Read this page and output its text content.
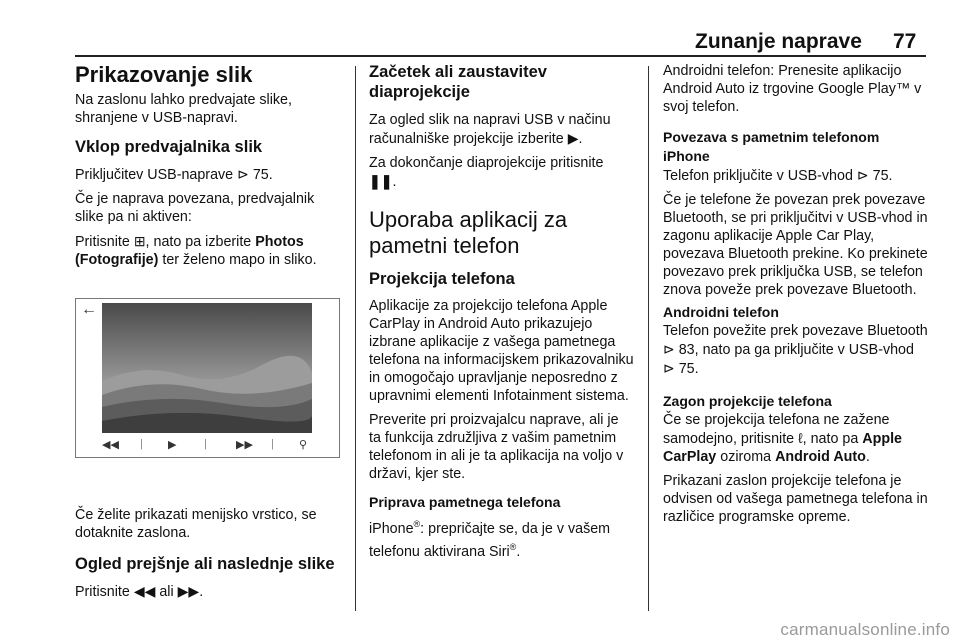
Zunanje naprave 77
Prikazovanje slik

Na zaslonu lahko predvajate slike, shranjene v USB-napravi.

Vklop predvajalnika slik

Priključitev USB-naprave ⊳ 75.

Če je naprava povezana, predvajalnik slike pa ni aktiven:

Pritisnite ⊞, nato pa izberite Photos (Fotografije) ter želeno mapo in sliko.

←
◀◀ | ▶	|	▶▶ | ⚲

Če želite prikazati menijsko vrstico, se dotaknite zaslona.

Ogled prejšnje ali naslednje slike

Pritisnite ◀◀ ali ▶▶.

Začetek ali zaustavitev diaprojekcije

Za ogled slik na napravi USB v načinu računalniške projekcije izberite ▶.

Za dokončanje diaprojekcije pritisnite ❚❚.

Uporaba aplikacij za pametni telefon
Projekcija telefona

Aplikacije za projekcijo telefona Apple CarPlay in Android Auto prikazujejo izbrane aplikacije z vašega pametnega telefona na informacijskem prikazovalniku in omogočajo upravljanje neposredno z upravnimi elementi Infotainment sistema.

Preverite pri proizvajalcu naprave, ali je ta funkcija združljiva z vašim pametnim telefonom in ali je ta aplikacija na voljo v državi, kjer ste.

Priprava pametnega telefona

iPhone®: prepričajte se, da je v vašem telefonu aktivirana Siri®.

Androidni telefon: Prenesite aplikacijo Android Auto iz trgovine Google Play™ v svoj telefon.

Povezava s pametnim telefonom
iPhone

Telefon priključite v USB-vhod ⊳ 75.

Če je telefone že povezan prek povezave Bluetooth, se pri priključitvi v USB-vhod in zagonu aplikacije Apple Car Play, povezava Bluetooth prekine. Ko prekinete povezavo prek priključka USB, se telefon znova poveže prek povezave Bluetooth.

Androidni telefon

Telefon povežite prek povezave Bluetooth ⊳ 83, nato pa ga priključite v USB-vhod ⊳ 75.

Zagon projekcije telefona

Če se projekcija telefona ne zažene samodejno, pritisnite ℓ, nato pa Apple CarPlay oziroma Android Auto.

Prikazani zaslon projekcije telefona je odvisen od vašega pametnega telefona in različice programske opreme.

carmanualsonline.info
